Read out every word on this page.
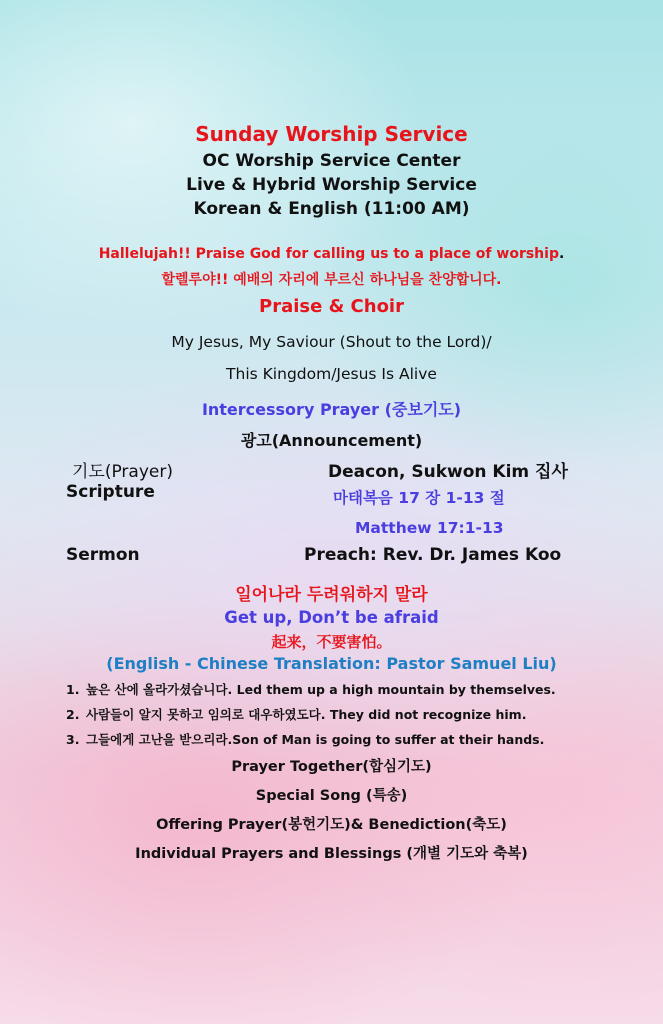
Sunday Worship Service
OC Worship Service Center
Live & Hybrid Worship Service
Korean & English (11:00 AM)
Hallelujah!! Praise God for calling us to a place of worship.
할렐루야!! 예배의 자리에 부르신 하나님을 찬양합니다.
Praise & Choir
My Jesus, My Saviour (Shout to the Lord)/
This Kingdom/Jesus Is Alive
Intercessory Prayer (중보기도)
광고(Announcement)
기도(Prayer)	Deacon, Sukwon Kim 집사
Scripture	마태복음 17 장 1-13 절
Matthew 17:1-13
Sermon	Preach: Rev. Dr. James Koo
일어나라 두려워하지 말라
Get up, Don’t be afraid
起来，不要害怕。
(English - Chinese Translation: Pastor Samuel Liu)
1. 높은 산에 올라가셨습니다. Led them up a high mountain by themselves.
2. 사람들이 알지 못하고 임의로 대우하였도다. They did not recognize him.
3. 그들에게 고난을 받으리라.Son of Man is going to suffer at their hands.
Prayer Together(합심기도)
Special Song (특송)
Offering Prayer(봉헌기도)& Benediction(축도)
Individual Prayers and Blessings (개별 기도와 축복)
